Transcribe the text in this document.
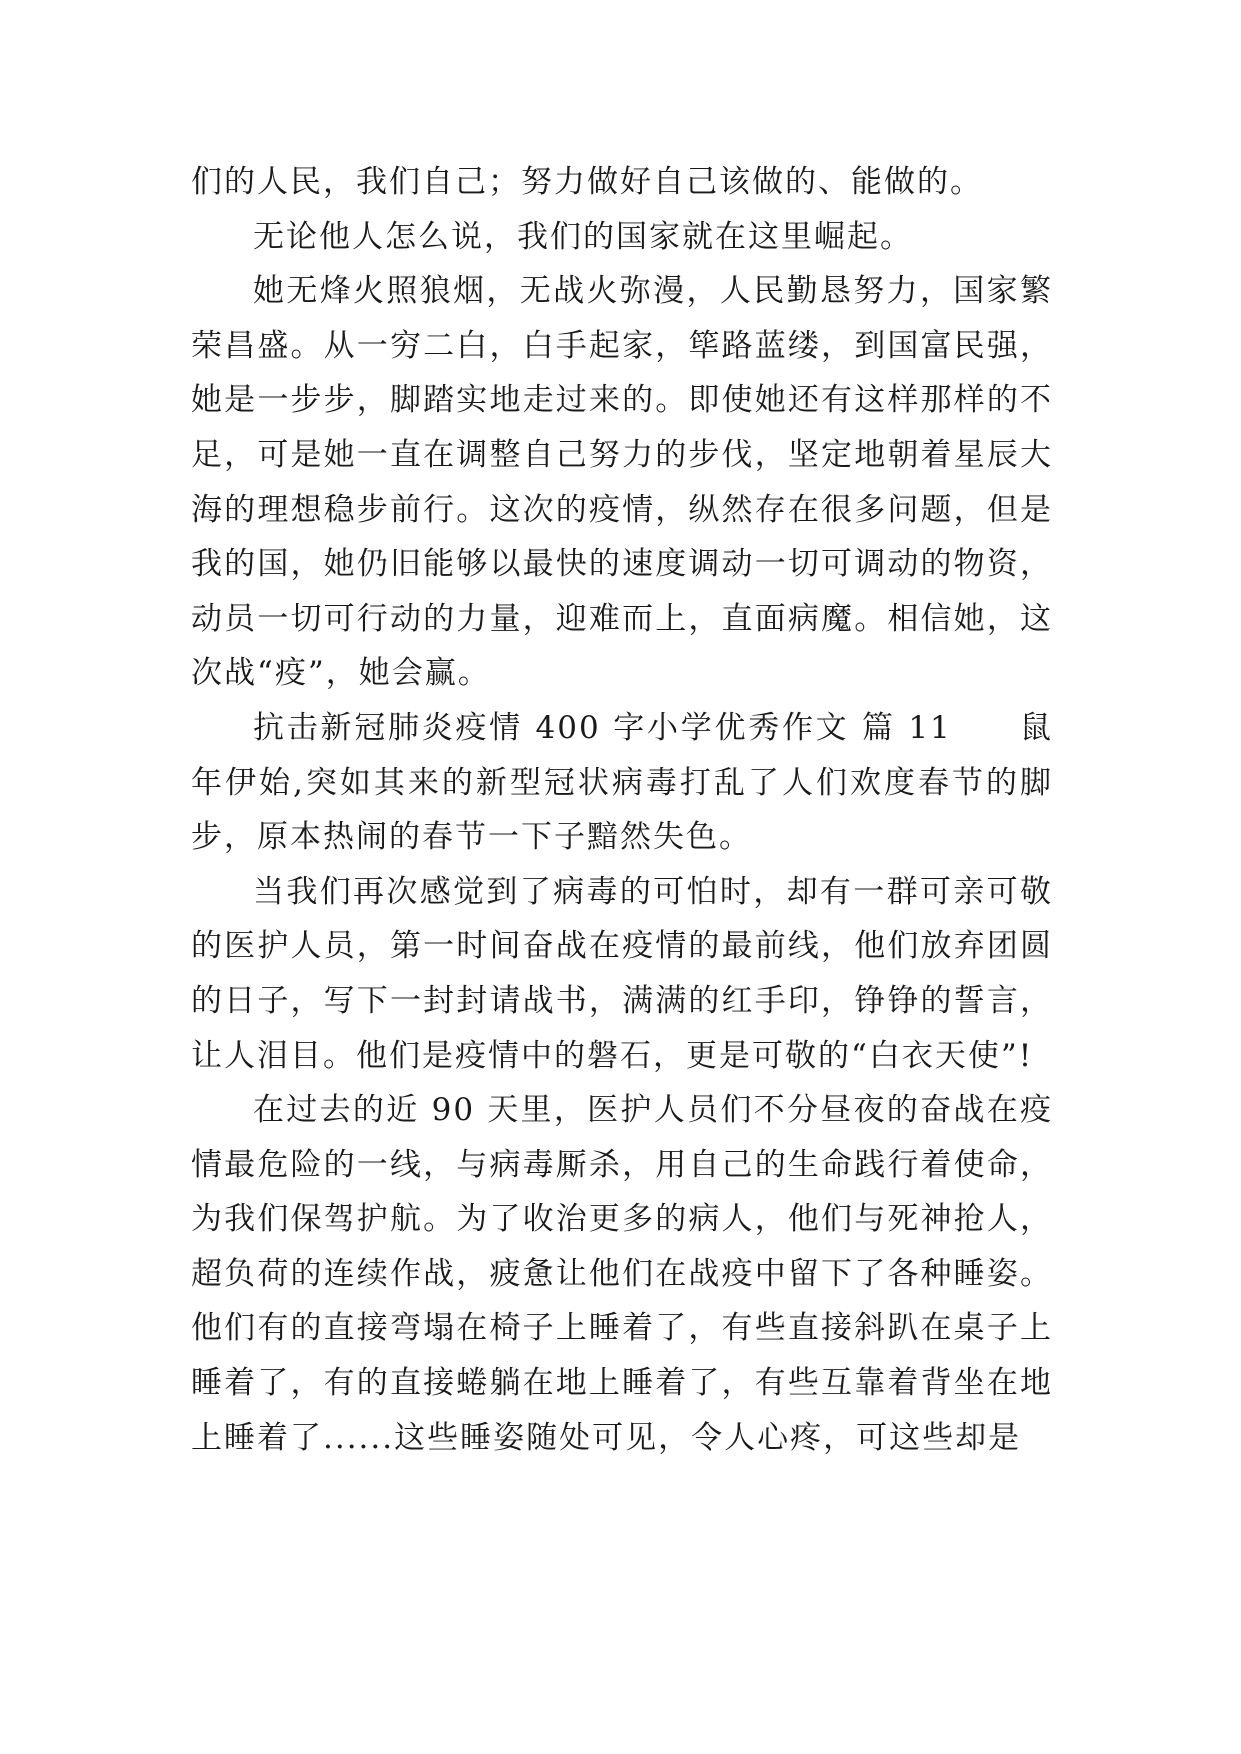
们的人民，我们自己；努力做好自己该做的、能做的。

无论他人怎么说，我们的国家就在这里崛起。

她无烽火照狼烟，无战火弥漫，人民勤恳努力，国家繁荣昌盛。从一穷二白，白手起家，筚路蓝缕，到国富民强，她是一步步，脚踏实地走过来的。即使她还有这样那样的不足，可是她一直在调整自己努力的步伐，坚定地朝着星辰大海的理想稳步前行。这次的疫情，纵然存在很多问题，但是我的国，她仍旧能够以最快的速度调动一切可调动的物资，动员一切可行动的力量，迎难而上，直面病魔。相信她，这次战“疫”，她会赢。

抗击新冠肺炎疫情 400 字小学优秀作文 篇 11　　鼠年伊始,突如其来的新型冠状病毒打乱了人们欢度春节的脚步，原本热闹的春节一下子黯然失色。

当我们再次感觉到了病毒的可怕时，却有一群可亲可敬的医护人员，第一时间奋战在疫情的最前线，他们放弃团圆的日子，写下一封封请战书，满满的红手印，铮铮的誓言，让人泪目。他们是疫情中的磐石，更是可敬的“白衣天使”!

在过去的近 90 天里，医护人员们不分昼夜的奋战在疫情最危险的一线，与病毒厮杀，用自己的生命践行着使命，为我们保驾护航。为了收治更多的病人，他们与死神抢人，超负荷的连续作战，疲惫让他们在战疫中留下了各种睡姿。他们有的直接弯塌在椅子上睡着了，有些直接斜趴在桌子上睡着了，有的直接蜷躺在地上睡着了，有些互靠着背坐在地上睡着了......这些睡姿随处可见，令人心疼，可这些却是
